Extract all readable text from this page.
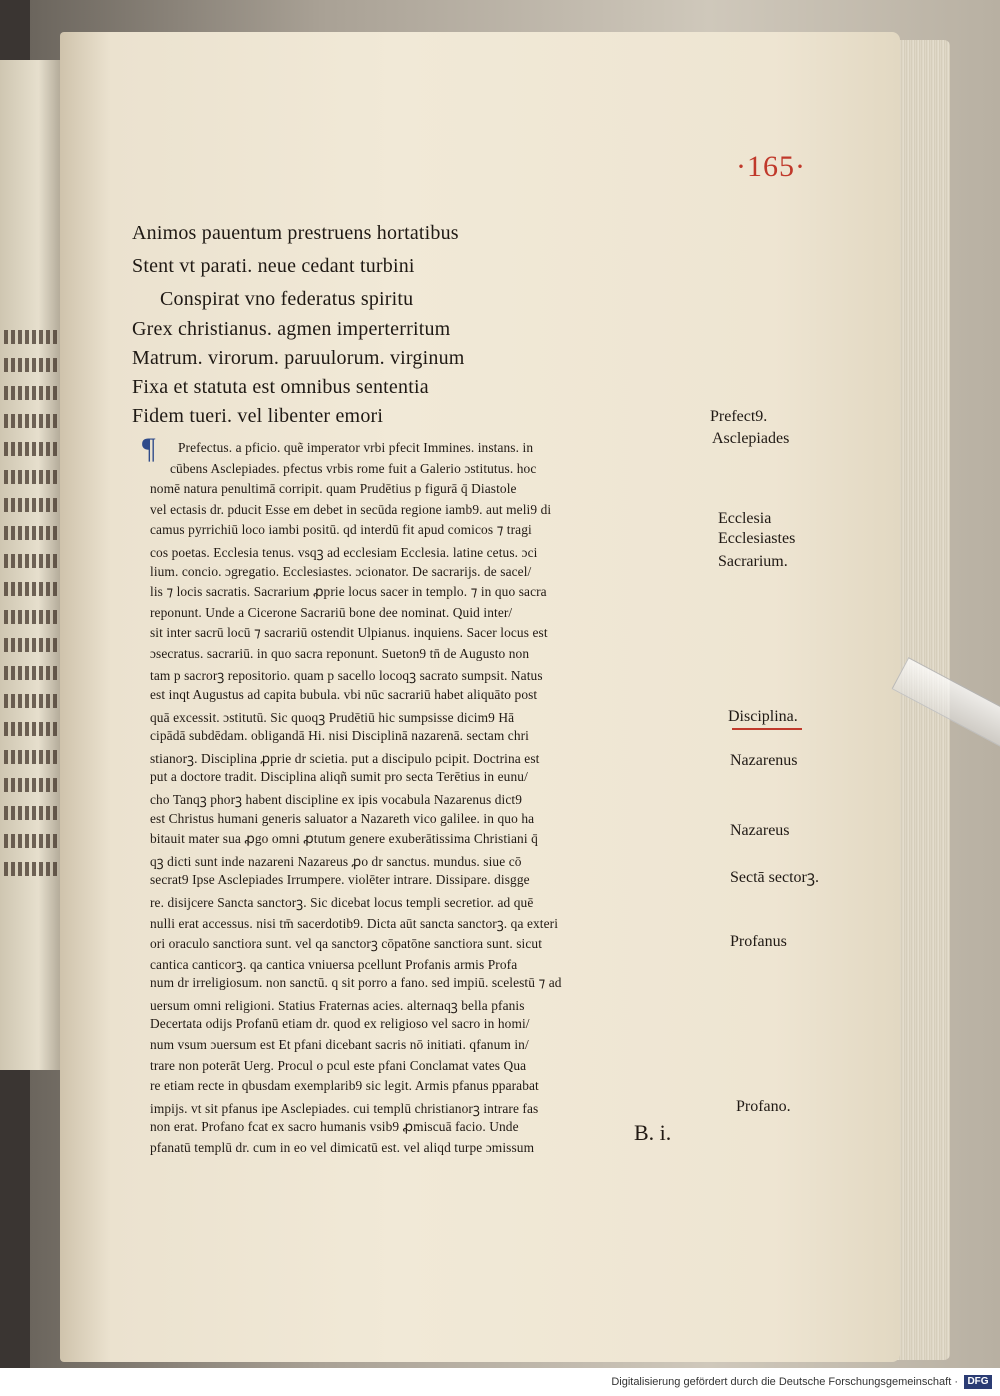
·165·
Animos pauentum prestruens hortatibus
Stent vt parati. neue cedant turbini
Conspirat vno federatus spiritu
Grex christianus. agmen imperterritum
Matrum. virorum. paruulorum. virginum
Fixa et statuta est omnibus sententia
Fidem tueri. vel libenter emori
¶ Prefectus. a pficio. quẽ imperator vrbi pfecit Immines. instans. in
cūbens Asclepiades. pfectus vrbis rome fuit a Galerio ɔstitutus. hoc
nomē natura penultimā corripit. quam Prudētius p figurā q̄ Diastole
vel ectasis dr. pducit Esse em debet in secūda regione iamb9. aut meli9 di
camus pyrrichiū loco iambi positū. qd interdū fit apud comicos ⁊ tragi
cos poetas. Ecclesia tenus. vsqꝫ ad ecclesiam Ecclesia. latine cetus. ɔci
lium. concio. ɔgregatio. Ecclesiastes. ɔcionator. De sacrarijs. de sacel/
lis ⁊ locis sacratis. Sacrarium ꝓprie locus sacer in templo. ⁊ in quo sacra
reponunt. Unde a Cicerone Sacrariū bone dee nominat. Quid inter/
sit inter sacrū locū ⁊ sacrariū ostendit Ulpianus. inquiens. Sacer locus est
ɔsecratus. sacrariū. in quo sacra reponunt. Sueton9 tn̄ de Augusto non
tam p sacrorꝫ repositorio. quam p sacello locoqꝫ sacrato sumpsit. Natus
est inqt Augustus ad capita bubula. vbi nūc sacrariū habet aliquāto post
quā excessit. ɔstitutū. Sic quoqꝫ Prudētiū hic sumpsisse dicim9 Hā
cipādā subdēdam. obligandā Hi. nisi Disciplinā nazarenā. sectam chri
stianorꝫ. Disciplina ꝓprie dr scietia. put a discipulo pcipit. Doctrina est
put a doctore tradit. Disciplina aliqñ sumit pro secta Terētius in eunu/
cho Tanqꝫ phorꝫ habent discipline ex ipis vocabula Nazarenus dict9
est Christus humani generis saluator a Nazareth vico galilee. in quo ha
bitauit mater sua ꝓgo omni ꝓtutum genere exuberātissima Christiani q̄
qꝫ dicti sunt inde nazareni Nazareus ꝓo dr sanctus. mundus. siue cō
secrat9 Ipse Asclepiades Irrumpere. violēter intrare. Dissipare. disgge
re. disijcere Sancta sanctorꝫ. Sic dicebat locus templi secretior. ad quē
nulli erat accessus. nisi tm̄ sacerdotib9. Dicta aūt sancta sanctorꝫ. qa exteri
ori oraculo sanctiora sunt. vel qa sanctorꝫ cōpatōne sanctiora sunt. sicut
cantica canticorꝫ. qa cantica vniuersa pcellunt Profanis armis Profa
num dr irreligiosum. non sanctū. q sit porro a fano. sed impiū. scelestū ⁊ ad
uersum omni religioni. Statius Fraternas acies. alternaqꝫ bella pfanis
Decertata odijs Profanū etiam dr. quod ex religioso vel sacro in homi/
num vsum ɔuersum est Et pfani dicebant sacris nō initiati. qfanum in/
trare non poterāt Uerg. Procul o pcul este pfani Conclamat vates Qua
re etiam recte in qbusdam exemplarib9 sic legit. Armis pfanus pparabat
impijs. vt sit pfanus ipe Asclepiades. cui templū christianorꝫ intrare fas
non erat. Profano fcat ex sacro humanis vsib9 ꝓmiscuā facio. Unde
pfanatū templū dr. cum in eo vel dimicatū est. vel aliqd turpe ɔmissum
Prefect9.
Asclepiades
Ecclesia
Ecclesiastes
Sacrarium.
Disciplina.
Nazarenus
Nazareus
Sectā sectorꝫ.
Profanus
Profano.
B. i.
Digitalisierung gefördert durch die Deutsche Forschungsgemeinschaft · DFG
